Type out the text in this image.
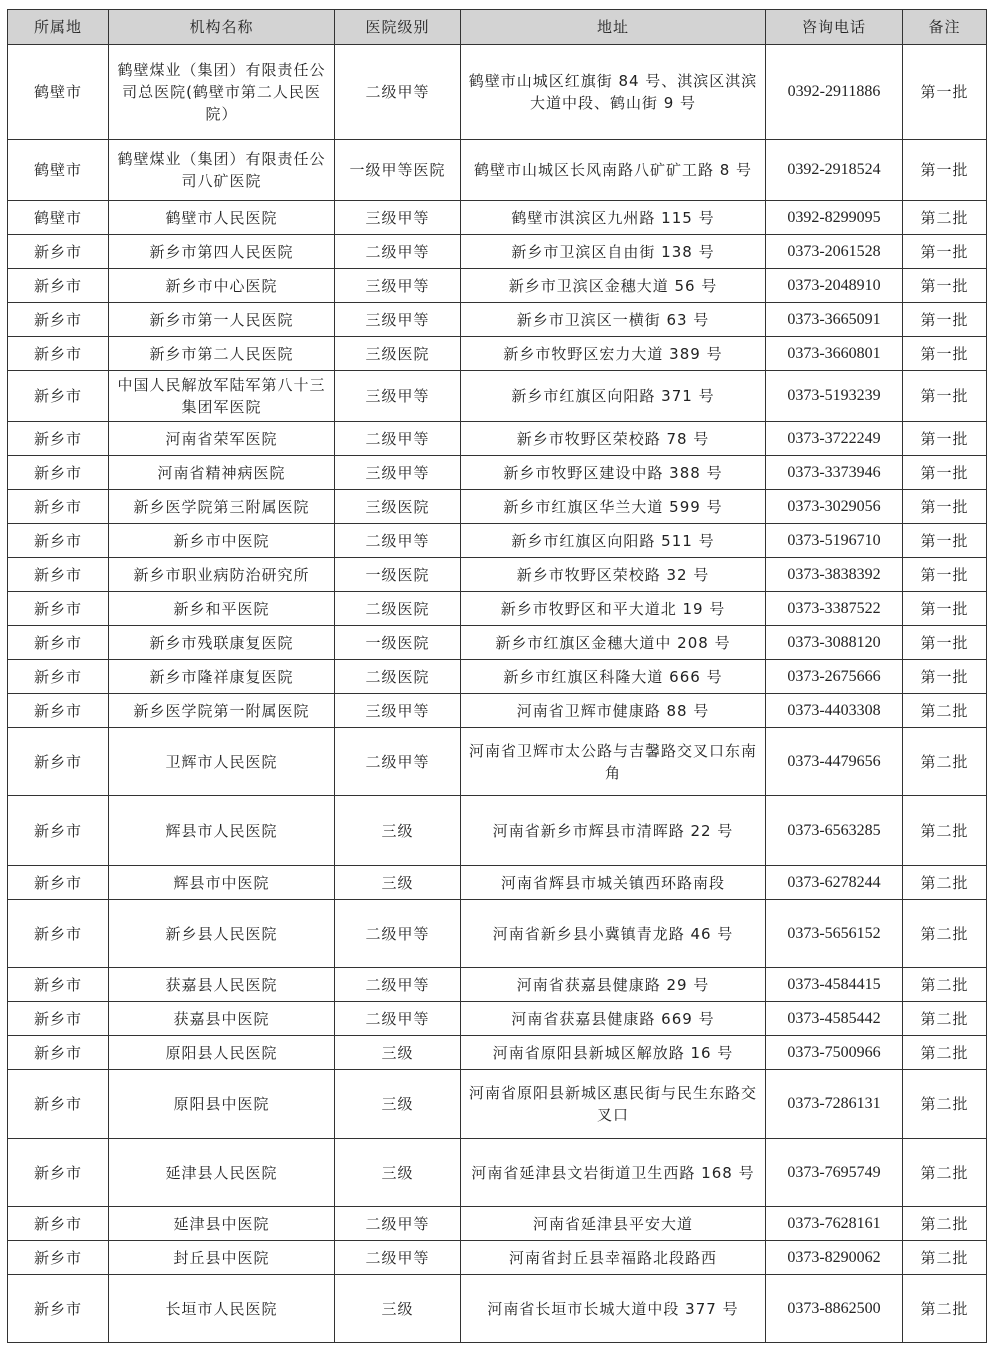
所属地	机构名称	医院级别	地址	咨询电话	备注
鹤壁市	鹤壁煤业（集团）有限责任公司总医院(鹤壁市第二人民医院）	二级甲等	鹤壁市山城区红旗街 84 号、淇滨区淇滨大道中段、鹤山街 9 号	0392-2911886	第一批
鹤壁市	鹤壁煤业（集团）有限责任公司八矿医院	一级甲等医院	鹤壁市山城区长风南路八矿矿工路 8 号	0392-2918524	第一批
鹤壁市	鹤壁市人民医院	三级甲等	鹤壁市淇滨区九州路 115 号	0392-8299095	第二批
新乡市	新乡市第四人民医院	二级甲等	新乡市卫滨区自由街 138 号	0373-2061528	第一批
新乡市	新乡市中心医院	三级甲等	新乡市卫滨区金穗大道 56 号	0373-2048910	第一批
新乡市	新乡市第一人民医院	三级甲等	新乡市卫滨区一横街 63 号	0373-3665091	第一批
新乡市	新乡市第二人民医院	三级医院	新乡市牧野区宏力大道 389 号	0373-3660801	第一批
新乡市	中国人民解放军陆军第八十三集团军医院	三级甲等	新乡市红旗区向阳路 371 号	0373-5193239	第一批
新乡市	河南省荣军医院	二级甲等	新乡市牧野区荣校路 78 号	0373-3722249	第一批
新乡市	河南省精神病医院	三级甲等	新乡市牧野区建设中路 388 号	0373-3373946	第一批
新乡市	新乡医学院第三附属医院	三级医院	新乡市红旗区华兰大道 599 号	0373-3029056	第一批
新乡市	新乡市中医院	二级甲等	新乡市红旗区向阳路 511 号	0373-5196710	第一批
新乡市	新乡市职业病防治研究所	一级医院	新乡市牧野区荣校路 32 号	0373-3838392	第一批
新乡市	新乡和平医院	二级医院	新乡市牧野区和平大道北 19 号	0373-3387522	第一批
新乡市	新乡市残联康复医院	一级医院	新乡市红旗区金穗大道中 208 号	0373-3088120	第一批
新乡市	新乡市隆祥康复医院	二级医院	新乡市红旗区科隆大道 666 号	0373-2675666	第一批
新乡市	新乡医学院第一附属医院	三级甲等	河南省卫辉市健康路 88 号	0373-4403308	第二批
新乡市	卫辉市人民医院	二级甲等	河南省卫辉市太公路与吉馨路交叉口东南角	0373-4479656	第二批
新乡市	辉县市人民医院	三级	河南省新乡市辉县市清晖路 22 号	0373-6563285	第二批
新乡市	辉县市中医院	三级	河南省辉县市城关镇西环路南段	0373-6278244	第二批
新乡市	新乡县人民医院	二级甲等	河南省新乡县小冀镇青龙路 46 号	0373-5656152	第二批
新乡市	获嘉县人民医院	二级甲等	河南省获嘉县健康路 29 号	0373-4584415	第二批
新乡市	获嘉县中医院	二级甲等	河南省获嘉县健康路 669 号	0373-4585442	第二批
新乡市	原阳县人民医院	三级	河南省原阳县新城区解放路 16 号	0373-7500966	第二批
新乡市	原阳县中医院	三级	河南省原阳县新城区惠民街与民生东路交叉口	0373-7286131	第二批
新乡市	延津县人民医院	三级	河南省延津县文岩街道卫生西路 168 号	0373-7695749	第二批
新乡市	延津县中医院	二级甲等	河南省延津县平安大道	0373-7628161	第二批
新乡市	封丘县中医院	二级甲等	河南省封丘县幸福路北段路西	0373-8290062	第二批
新乡市	长垣市人民医院	三级	河南省长垣市长城大道中段 377 号	0373-8862500	第二批
